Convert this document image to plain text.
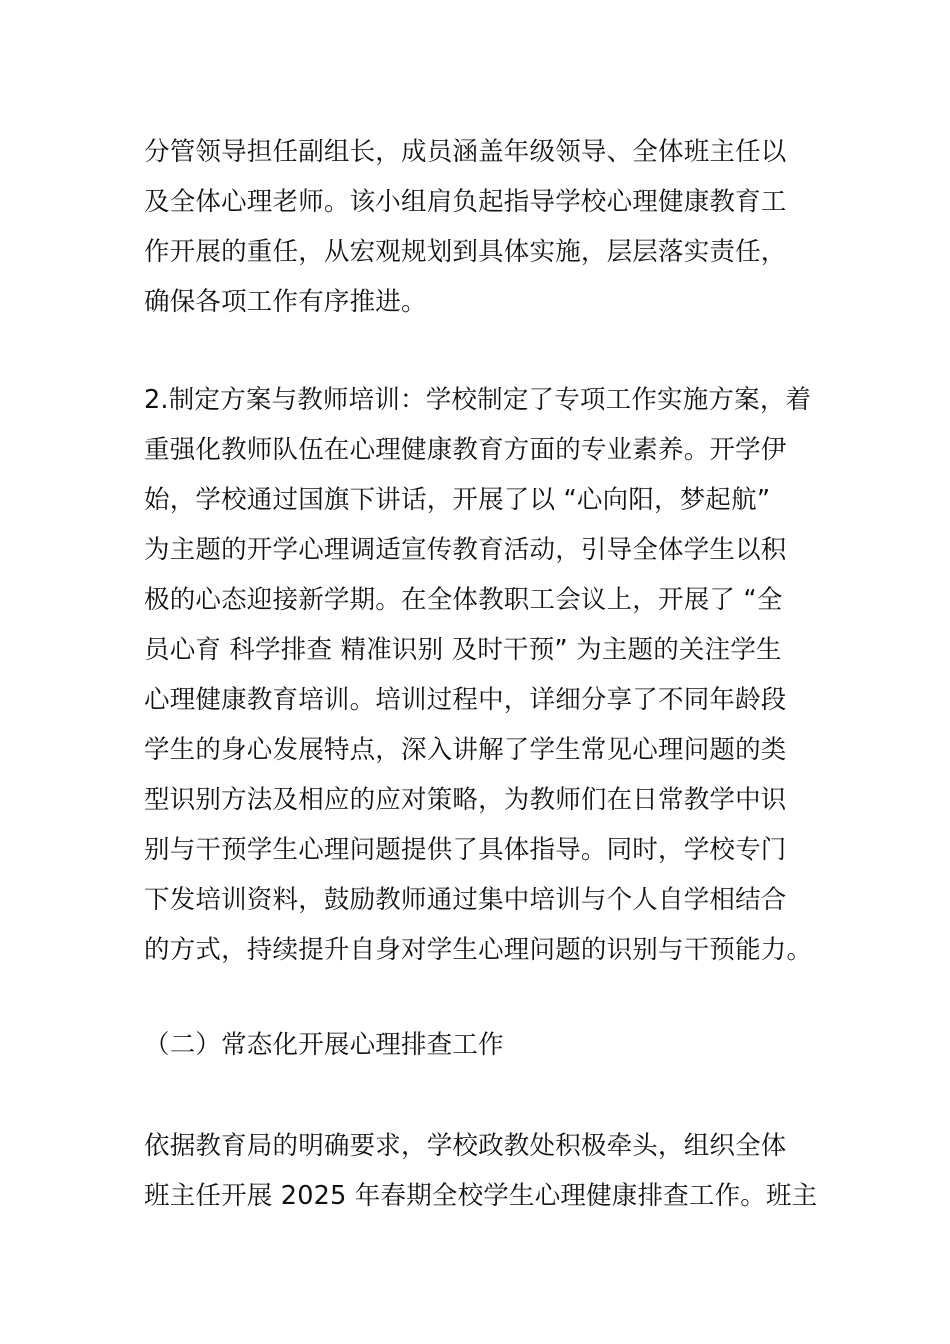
分管领导担任副组长，成员涵盖年级领导、全体班主任以
及全体心理老师。该小组肩负起指导学校心理健康教育工
作开展的重任，从宏观规划到具体实施，层层落实责任，
确保各项工作有序推进。
2.制定方案与教师培训：学校制定了专项工作实施方案，着
重强化教师队伍在心理健康教育方面的专业素养。开学伊
始，学校通过国旗下讲话，开展了以 “心向阳，梦起航”
为主题的开学心理调适宣传教育活动，引导全体学生以积
极的心态迎接新学期。在全体教职工会议上，开展了 “全
员心育 科学排查 精准识别 及时干预” 为主题的关注学生
心理健康教育培训。培训过程中，详细分享了不同年龄段
学生的身心发展特点，深入讲解了学生常见心理问题的类
型识别方法及相应的应对策略，为教师们在日常教学中识
别与干预学生心理问题提供了具体指导。同时，学校专门
下发培训资料，鼓励教师通过集中培训与个人自学相结合
的方式，持续提升自身对学生心理问题的识别与干预能力。
（二）常态化开展心理排查工作
依据教育局的明确要求，学校政教处积极牵头，组织全体
班主任开展 2025 年春期全校学生心理健康排查工作。班主
